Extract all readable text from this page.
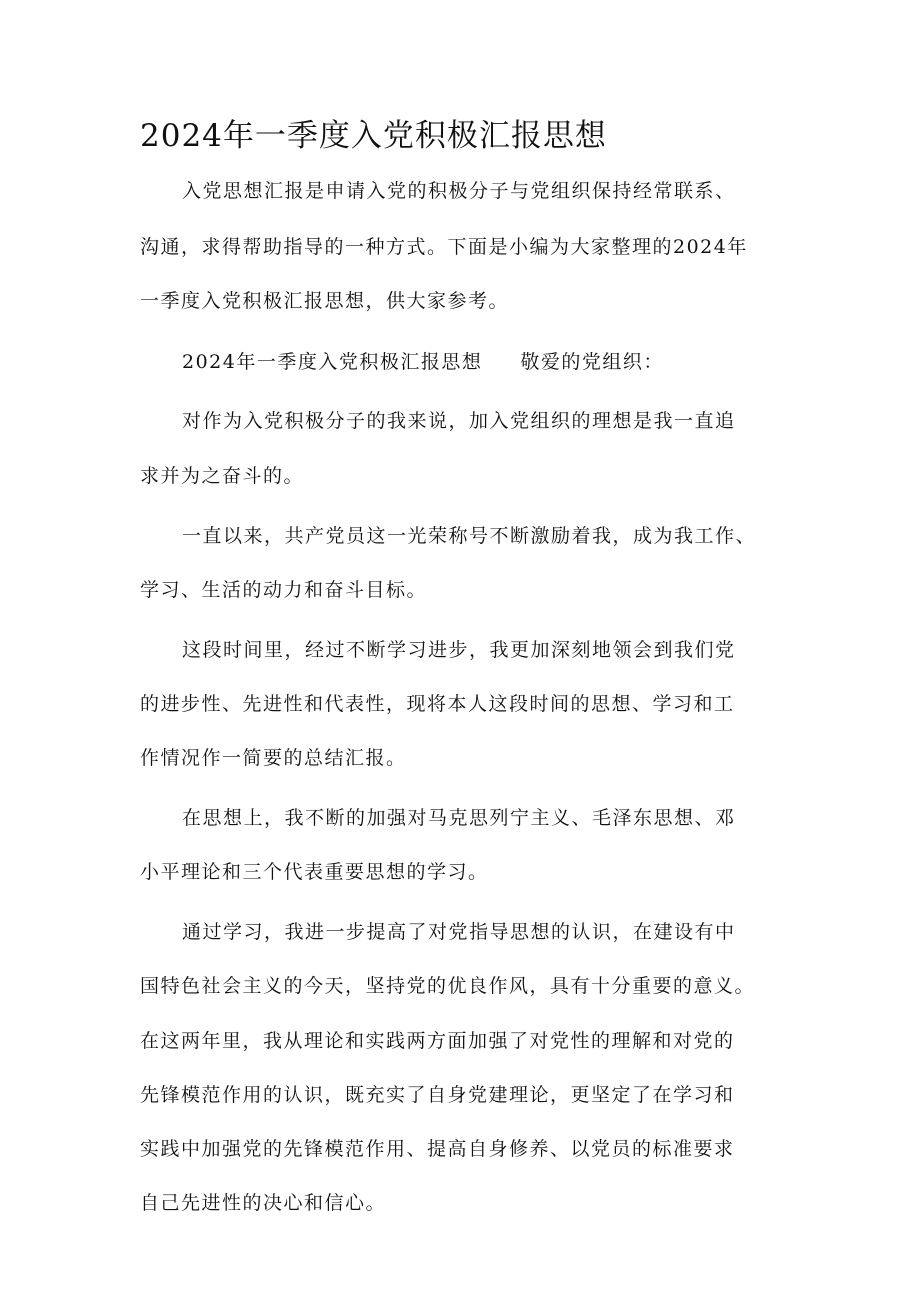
2024年一季度入党积极汇报思想
入党思想汇报是申请入党的积极分子与党组织保持经常联系、
沟通，求得帮助指导的一种方式。下面是小编为大家整理的2024年
一季度入党积极汇报思想，供大家参考。
2024年一季度入党积极汇报思想 敬爱的党组织：
对作为入党积极分子的我来说，加入党组织的理想是我一直追
求并为之奋斗的。
一直以来，共产党员这一光荣称号不断激励着我，成为我工作、
学习、生活的动力和奋斗目标。
这段时间里，经过不断学习进步，我更加深刻地领会到我们党
的进步性、先进性和代表性，现将本人这段时间的思想、学习和工
作情况作一简要的总结汇报。
在思想上，我不断的加强对马克思列宁主义、毛泽东思想、邓
小平理论和三个代表重要思想的学习。
通过学习，我进一步提高了对党指导思想的认识，在建设有中
国特色社会主义的今天，坚持党的优良作风，具有十分重要的意义。
在这两年里，我从理论和实践两方面加强了对党性的理解和对党的
先锋模范作用的认识，既充实了自身党建理论，更坚定了在学习和
实践中加强党的先锋模范作用、提高自身修养、以党员的标准要求
自己先进性的决心和信心。
